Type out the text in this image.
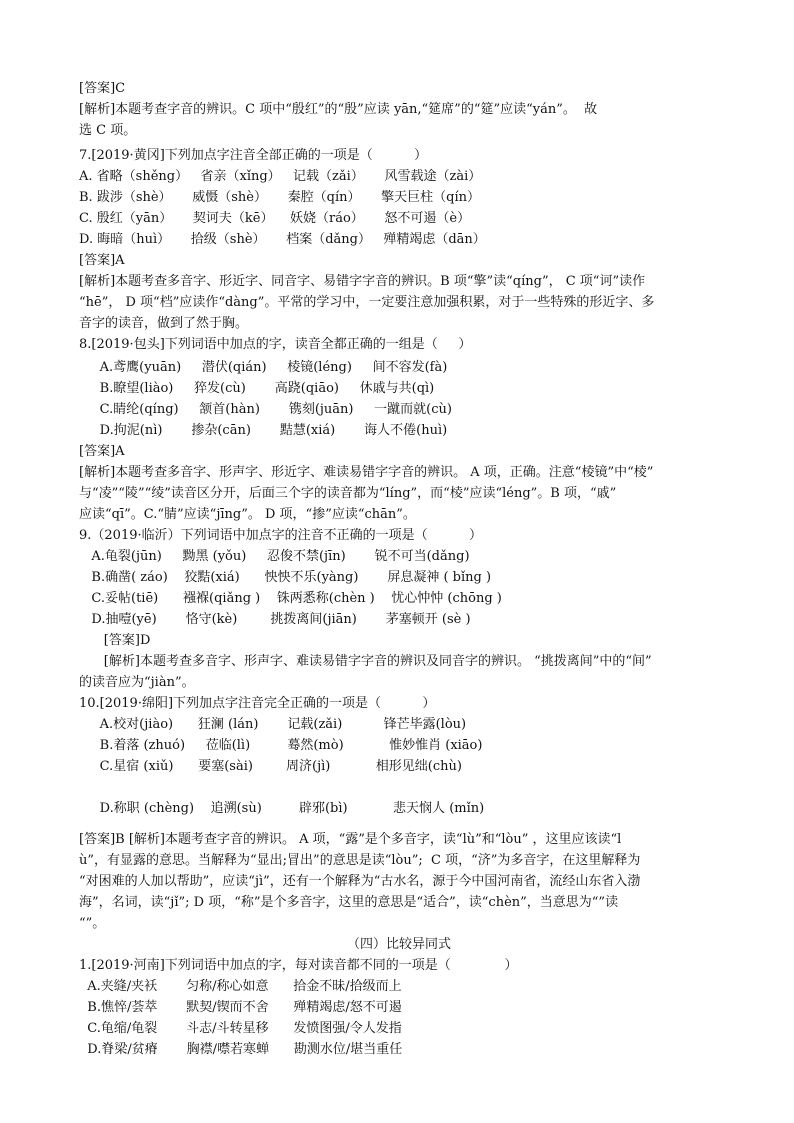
[答案]C
[解析]本题考查字音的辨识。C 项中“殷红”的“殷”应读 yān,“筵席”的“筵”应读“yán”。  故
选 C 项。
7.[2019·黄冈]下列加点字注音全部正确的一项是（          ）
A. 省略（shěng）   省亲（xǐng）   记载（zǎi）     风雪载途（zài）
B. 跋涉（shè）     威慑（shè）     秦腔（qín）     擎天巨柱（qín）
C. 殷红（yān）     契诃夫（kē）    妖娆（ráo）     怒不可遏（è）
D. 晦暗（huì）     拾级（shè）     档案（dǎng）   殚精竭虑（dān）
[答案]A
[解析]本题考查多音字、形近字、同音字、易错字字音的辨识。B 项“擎”读“qíng”， C 项“诃”读作
“hē”， D 项“档”应读作“dàng”。平常的学习中，一定要注意加强积累，对于一些特殊的形近字、多
音字的读音，做到了然于胸。
8.[2019·包头]下列词语中加点的字，读音全都正确的一组是（     ）
A.鸢鹰(yuān)     潜伏(qián)     棱镜(léng)     间不容发(fà)
B.瞭望(liào)     猝发(cù)       高跷(qiāo)     休戚与共(qì)
C.睛纶(qíng)     颔首(hàn)       镌刻(juān)     一蹴而就(cù)
D.拘泥(nì)       掺杂(cān)       黠慧(xiá)       诲人不倦(huì)
[答案]A
[解析]本题考查多音字、形声字、形近字、难读易错字字音的辨识。 A 项，正确。注意“棱镜”中“棱”
与“凌”“陵”“绫”读音区分开，后面三个字的读音都为“líng”，而“棱”应读“léng”。B 项，“戚”
应读“qī”。C.“腈”应读“jīng”。 D 项，“掺”应读“chān”。
9.（2019·临沂）下列词语中加点字的注音不正确的一项是（          ）
A.龟裂(jūn)     黝黑 (yǒu)     忍俊不禁(jīn)       锐不可当(dǎng)
B.确凿( záo)    狡黠(xiá)      怏怏不乐(yàng)       屏息凝神 ( bǐng )
C.妥帖(tiē)      襁褓(qiǎng )    铢两悉称(chèn )    忧心忡忡 (chōng )
D.抽噎(yē)       恪守(kè)        挑拨离间(jiān)       茅塞顿开 (sè )
[答案]D
[解析]本题考查多音字、形声字、难读易错字字音的辨识及同音字的辨识。 “挑拨离间”中的“间”
的读音应为“jiàn”。
10.[2019·绵阳]下列加点字注音完全正确的一项是（          ）
A.校对(jiào)      狂澜 (lán)       记载(zǎi)          锋芒毕露(lòu)
B.着落 (zhuó)     莅临(lì)         蓦然(mò)           惟妙惟肖 (xiāo)
C.星宿 (xiǔ)      要塞(sài)        周济(jì)           相形见绌(chù)
D.称职 (chèng)    追溯(sù)         辟邪(bì)           悲天悯人 (mǐn)
[答案]B [解析]本题考查字音的辨识。 A 项，“露”是个多音字，读“lù”和“lòu” ，这里应该读“l
ù”，有显露的意思。当解释为“显出;冒出”的意思是读“lòu”;  C 项，“济”为多音字，在这里解释为
“对困难的人加以帮助”，应读“jì”，还有一个解释为“古水名，源于今中国河南省，流经山东省入渤
海”，名词，读“jǐ”; D 项，“称”是个多音字，这里的意思是“适合”，读“chèn”，当意思为“”读
“”。
（四）比较异同式
1.[2019·河南]下列词语中加点的字，每对读音都不同的一项是（             ）
A.夹缝/夹袄       匀称/称心如意      拾金不昧/拾级而上
B.憔悴/荟萃       默契/锲而不舍      殚精竭虑/怒不可遏
C.龟缩/龟裂       斗志/斗转星移      发愤图强/令人发指
D.脊梁/贫瘠       胸襟/噤若寒蝉      勘测水位/堪当重任
